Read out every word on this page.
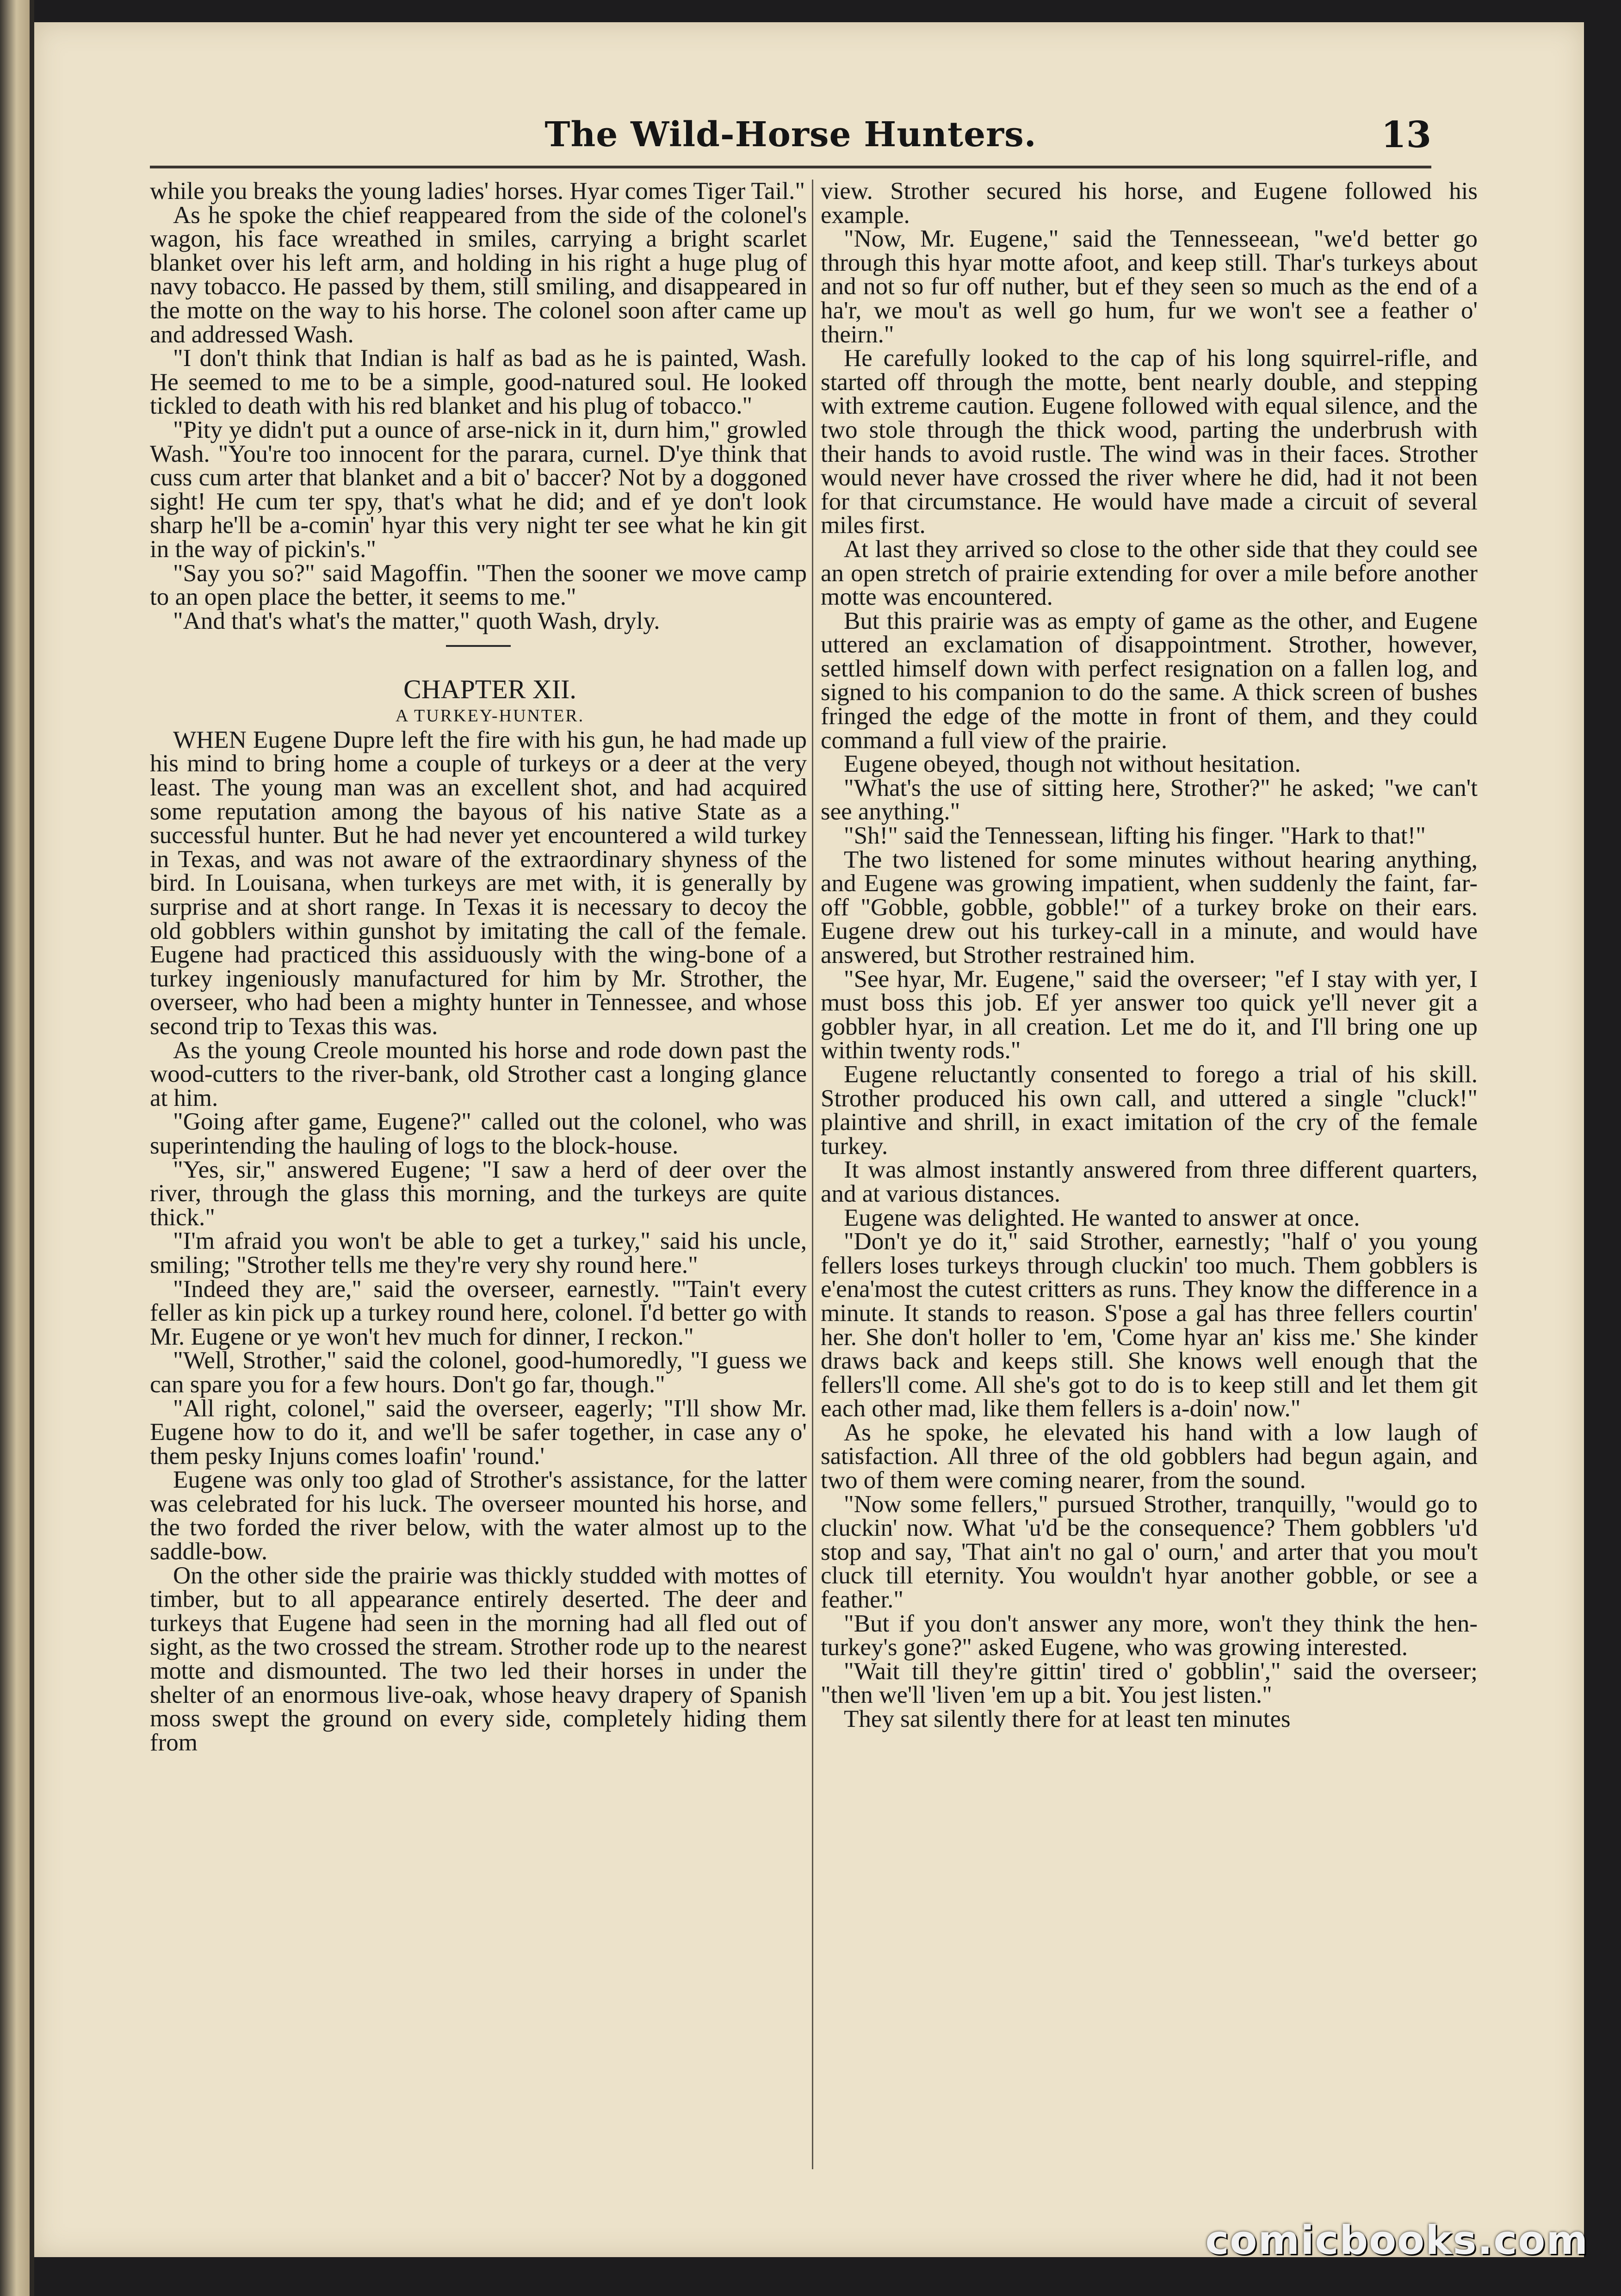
The Wild-Horse Hunters.	13

while you breaks the young ladies' horses. Hyar comes Tiger Tail."

As he spoke the chief reappeared from the side of the colonel's wagon, his face wreathed in smiles, carrying a bright scarlet blanket over his left arm, and holding in his right a huge plug of navy tobacco. He passed by them, still smiling, and disappeared in the motte on the way to his horse. The colonel soon after came up and addressed Wash.

"I don't think that Indian is half as bad as he is painted, Wash. He seemed to me to be a simple, good-natured soul. He looked tickled to death with his red blanket and his plug of tobacco."

"Pity ye didn't put a ounce of arse-nick in it, durn him," growled Wash. "You're too innocent for the parara, curnel. D'ye think that cuss cum arter that blanket and a bit o' baccer? Not by a doggoned sight! He cum ter spy, that's what he did; and ef ye don't look sharp he'll be a-comin' hyar this very night ter see what he kin git in the way of pickin's."

"Say you so?" said Magoffin. "Then the sooner we move camp to an open place the better, it seems to me."

"And that's what's the matter," quoth Wash, dryly.

CHAPTER XII.

A TURKEY-HUNTER.

WHEN Eugene Dupre left the fire with his gun, he had made up his mind to bring home a couple of turkeys or a deer at the very least. The young man was an excellent shot, and had acquired some reputation among the bayous of his native State as a successful hunter. But he had never yet encountered a wild turkey in Texas, and was not aware of the extraordinary shyness of the bird. In Louisana, when turkeys are met with, it is generally by surprise and at short range. In Texas it is necessary to decoy the old gobblers within gunshot by imitating the call of the female. Eugene had practiced this assiduously with the wing-bone of a turkey ingeniously manufactured for him by Mr. Strother, the overseer, who had been a mighty hunter in Tennessee, and whose second trip to Texas this was.

As the young Creole mounted his horse and rode down past the wood-cutters to the river-bank, old Strother cast a longing glance at him.

"Going after game, Eugene?" called out the colonel, who was superintending the hauling of logs to the block-house.

"Yes, sir," answered Eugene; "I saw a herd of deer over the river, through the glass this morning, and the turkeys are quite thick."

"I'm afraid you won't be able to get a turkey," said his uncle, smiling; "Strother tells me they're very shy round here."

"Indeed they are," said the overseer, earnestly. "'Tain't every feller as kin pick up a turkey round here, colonel. I'd better go with Mr. Eugene or ye won't hev much for dinner, I reckon."

"Well, Strother," said the colonel, good-humoredly, "I guess we can spare you for a few hours. Don't go far, though."

"All right, colonel," said the overseer, eagerly; "I'll show Mr. Eugene how to do it, and we'll be safer together, in case any o' them pesky Injuns comes loafin' 'round.'

Eugene was only too glad of Strother's assistance, for the latter was celebrated for his luck. The overseer mounted his horse, and the two forded the river below, with the water almost up to the saddle-bow.

On the other side the prairie was thickly studded with mottes of timber, but to all appearance entirely deserted. The deer and turkeys that Eugene had seen in the morning had all fled out of sight, as the two crossed the stream. Strother rode up to the nearest motte and dismounted. The two led their horses in under the shelter of an enormous live-oak, whose heavy drapery of Spanish moss swept the ground on every side, completely hiding them from

view. Strother secured his horse, and Eugene followed his example.

"Now, Mr. Eugene," said the Tennesseean, "we'd better go through this hyar motte afoot, and keep still. Thar's turkeys about and not so fur off nuther, but ef they seen so much as the end of a ha'r, we mou't as well go hum, fur we won't see a feather o' theirn."

He carefully looked to the cap of his long squirrel-rifle, and started off through the motte, bent nearly double, and stepping with extreme caution. Eugene followed with equal silence, and the two stole through the thick wood, parting the underbrush with their hands to avoid rustle. The wind was in their faces. Strother would never have crossed the river where he did, had it not been for that circumstance. He would have made a circuit of several miles first.

At last they arrived so close to the other side that they could see an open stretch of prairie extending for over a mile before another motte was encountered.

But this prairie was as empty of game as the other, and Eugene uttered an exclamation of disappointment. Strother, however, settled himself down with perfect resignation on a fallen log, and signed to his companion to do the same. A thick screen of bushes fringed the edge of the motte in front of them, and they could command a full view of the prairie.

Eugene obeyed, though not without hesitation.

"What's the use of sitting here, Strother?" he asked; "we can't see anything."

"Sh!" said the Tennessean, lifting his finger. "Hark to that!"

The two listened for some minutes without hearing anything, and Eugene was growing impatient, when suddenly the faint, far-off "Gobble, gobble, gobble!" of a turkey broke on their ears. Eugene drew out his turkey-call in a minute, and would have answered, but Strother restrained him.

"See hyar, Mr. Eugene," said the overseer; "ef I stay with yer, I must boss this job. Ef yer answer too quick ye'll never git a gobbler hyar, in all creation. Let me do it, and I'll bring one up within twenty rods."

Eugene reluctantly consented to forego a trial of his skill. Strother produced his own call, and uttered a single "cluck!" plaintive and shrill, in exact imitation of the cry of the female turkey.

It was almost instantly answered from three different quarters, and at various distances.

Eugene was delighted. He wanted to answer at once.

"Don't ye do it," said Strother, earnestly; "half o' you young fellers loses turkeys through cluckin' too much. Them gobblers is e'ena'most the cutest critters as runs. They know the difference in a minute. It stands to reason. S'pose a gal has three fellers courtin' her. She don't holler to 'em, 'Come hyar an' kiss me.' She kinder draws back and keeps still. She knows well enough that the fellers'll come. All she's got to do is to keep still and let them git each other mad, like them fellers is a-doin' now."

As he spoke, he elevated his hand with a low laugh of satisfaction. All three of the old gobblers had begun again, and two of them were coming nearer, from the sound.

"Now some fellers," pursued Strother, tranquilly, "would go to cluckin' now. What 'u'd be the consequence? Them gobblers 'u'd stop and say, 'That ain't no gal o' ourn,' and arter that you mou't cluck till eternity. You wouldn't hyar another gobble, or see a feather."

"But if you don't answer any more, won't they think the hen-turkey's gone?" asked Eugene, who was growing interested.

"Wait till they're gittin' tired o' gobblin'," said the overseer; "then we'll 'liven 'em up a bit. You jest listen."

They sat silently there for at least ten minutes

comicbooks.com
